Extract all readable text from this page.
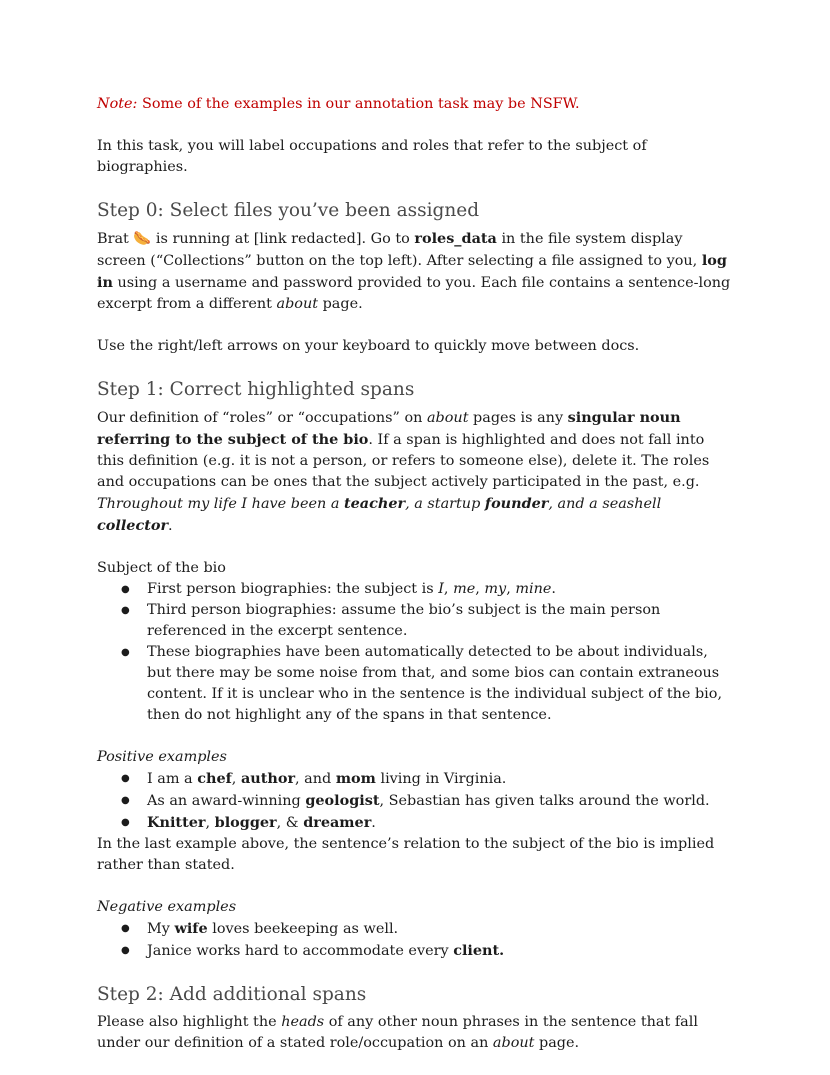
Note: Some of the examples in our annotation task may be NSFW.

In this task, you will label occupations and roles that refer to the subject of biographies.

Step 0: Select files you’ve been assigned

Brat 🌭 is running at [link redacted]. Go to roles_data in the file system display screen (“Collections” button on the top left). After selecting a file assigned to you, log in using a username and password provided to you. Each file contains a sentence-long excerpt from a different about page.

Use the right/left arrows on your keyboard to quickly move between docs.

Step 1: Correct highlighted spans

Our definition of “roles” or “occupations” on about pages is any singular noun referring to the subject of the bio. If a span is highlighted and does not fall into this definition (e.g. it is not a person, or refers to someone else), delete it. The roles and occupations can be ones that the subject actively participated in the past, e.g. Throughout my life I have been a teacher, a startup founder, and a seashell collector.

Subject of the bio

● First person biographies: the subject is I, me, my, mine.
● Third person biographies: assume the bio’s subject is the main person referenced in the excerpt sentence.
● These biographies have been automatically detected to be about individuals, but there may be some noise from that, and some bios can contain extraneous content. If it is unclear who in the sentence is the individual subject of the bio, then do not highlight any of the spans in that sentence.

Positive examples

● I am a chef, author, and mom living in Virginia.
● As an award-winning geologist, Sebastian has given talks around the world.
● Knitter, blogger, & dreamer.

In the last example above, the sentence’s relation to the subject of the bio is implied rather than stated.

Negative examples

● My wife loves beekeeping as well.
● Janice works hard to accommodate every client.
Step 2: Add additional spans

Please also highlight the heads of any other noun phrases in the sentence that fall under our definition of a stated role/occupation on an about page.
